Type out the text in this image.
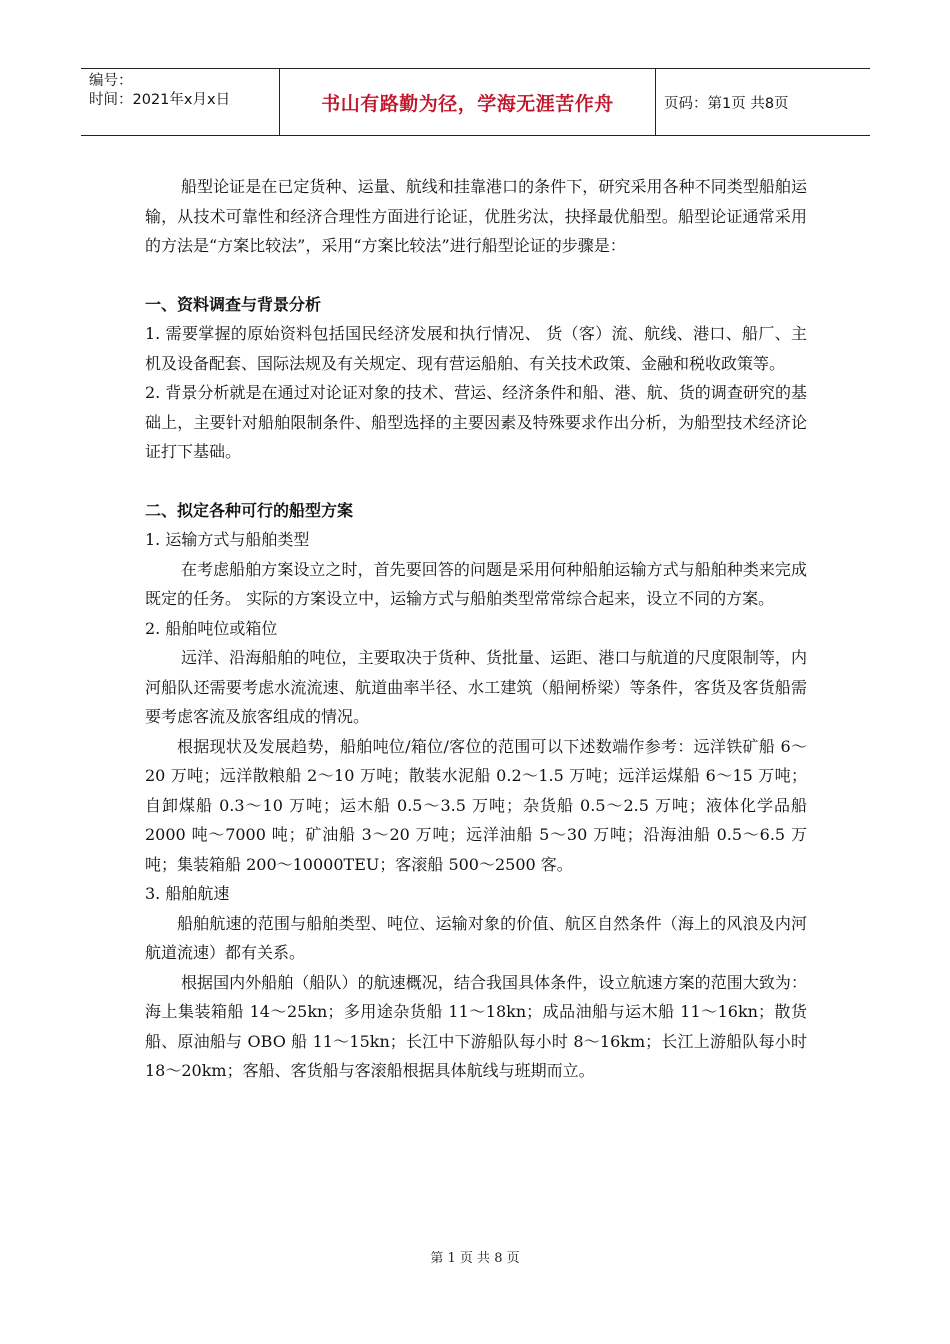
编号：
时间：2021年x月x日	书山有路勤为径，学海无涯苦作舟	页码：第1页 共8页

船型论证是在已定货种、运量、航线和挂靠港口的条件下，研究采用各种不同类型船舶运输，从技术可靠性和经济合理性方面进行论证，优胜劣汰，抉择最优船型。船型论证通常采用的方法是“方案比较法”，采用“方案比较法”进行船型论证的步骤是：

一、资料调查与背景分析

1. 需要掌握的原始资料包括国民经济发展和执行情况、 货（客）流、航线、港口、船厂、主机及设备配套、国际法规及有关规定、现有营运船舶、有关技术政策、金融和税收政策等。

2. 背景分析就是在通过对论证对象的技术、营运、经济条件和船、港、航、货的调查研究的基础上，主要针对船舶限制条件、船型选择的主要因素及特殊要求作出分析，为船型技术经济论证打下基础。

二、拟定各种可行的船型方案

1. 运输方式与船舶类型

在考虑船舶方案设立之时，首先要回答的问题是采用何种船舶运输方式与船舶种类来完成既定的任务。 实际的方案设立中，运输方式与船舶类型常常综合起来，设立不同的方案。

2. 船舶吨位或箱位

远洋、沿海船舶的吨位，主要取决于货种、货批量、运距、港口与航道的尺度限制等，内河船队还需要考虑水流流速、航道曲率半径、水工建筑（船闸桥梁）等条件，客货及客货船需要考虑客流及旅客组成的情况。

根据现状及发展趋势，船舶吨位/箱位/客位的范围可以下述数端作参考：远洋铁矿船 6～20 万吨；远洋散粮船 2～10 万吨；散装水泥船 0.2～1.5 万吨；远洋运煤船 6～15 万吨；自卸煤船 0.3～10 万吨；运木船 0.5～3.5 万吨；杂货船 0.5～2.5 万吨；液体化学品船 2000 吨～7000 吨；矿油船 3～20 万吨；远洋油船 5～30 万吨；沿海油船 0.5～6.5 万吨；集装箱船 200～10000TEU；客滚船 500～2500 客。

3. 船舶航速

船舶航速的范围与船舶类型、吨位、运输对象的价值、航区自然条件（海上的风浪及内河航道流速）都有关系。

根据国内外船舶（船队）的航速概况，结合我国具体条件，设立航速方案的范围大致为：海上集装箱船 14～25kn；多用途杂货船 11～18kn；成品油船与运木船 11～16kn；散货船、原油船与 OBO 船 11～15kn；长江中下游船队每小时 8～16km；长江上游船队每小时 18～20km；客船、客货船与客滚船根据具体航线与班期而立。

第 1 页 共 8 页
